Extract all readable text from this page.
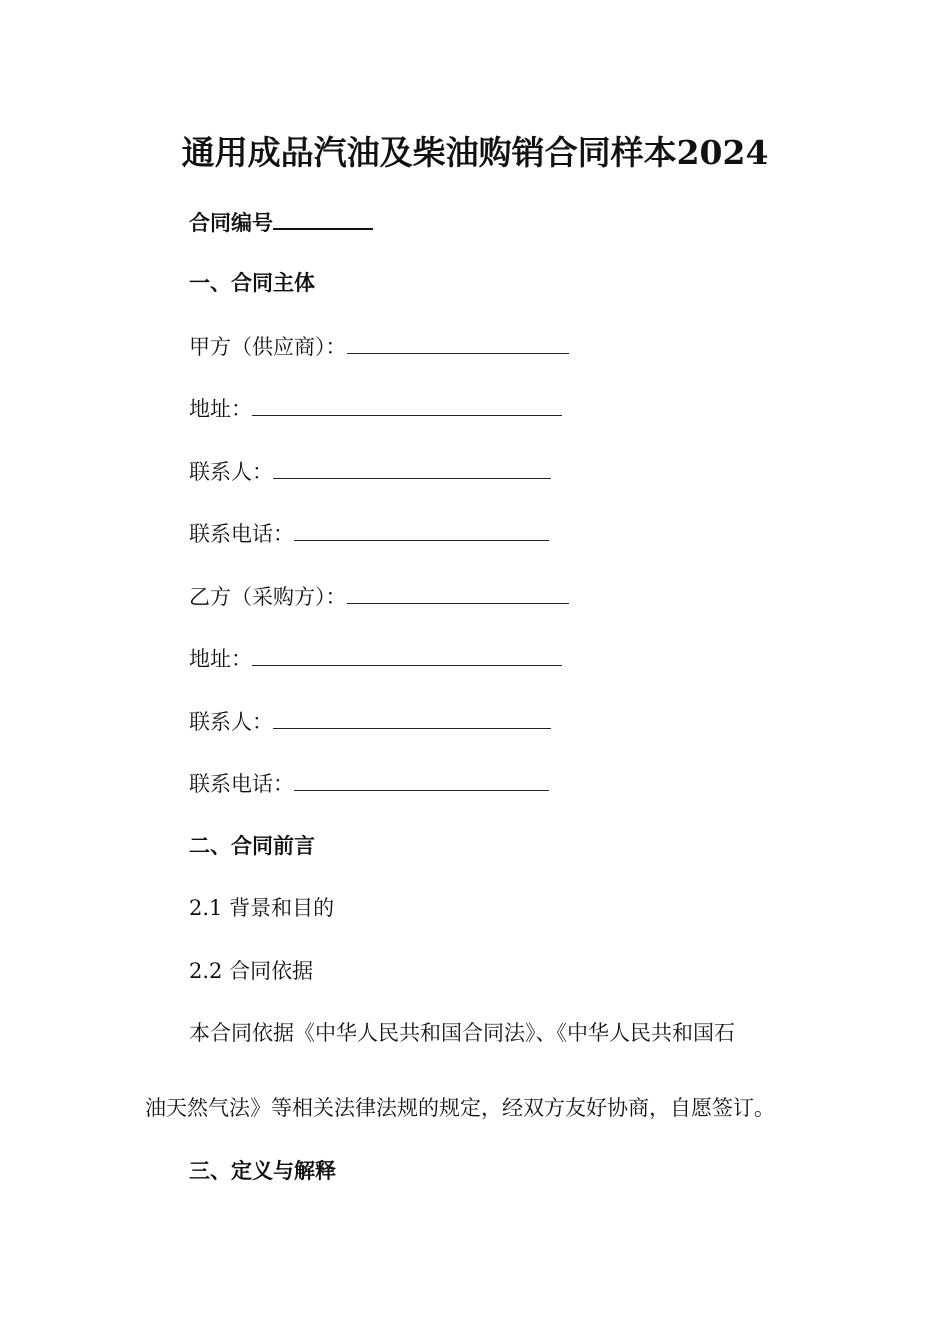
通用成品汽油及柴油购销合同样本2024
合同编号
一、合同主体
甲方（供应商）：
地址：
联系人：
联系电话：
乙方（采购方）：
地址：
联系人：
联系电话：
二、合同前言
2.1 背景和目的
2.2 合同依据
本合同依据《中华人民共和国合同法》、《中华人民共和国石
油天然气法》等相关法律法规的规定，经双方友好协商，自愿签订。
三、定义与解释
